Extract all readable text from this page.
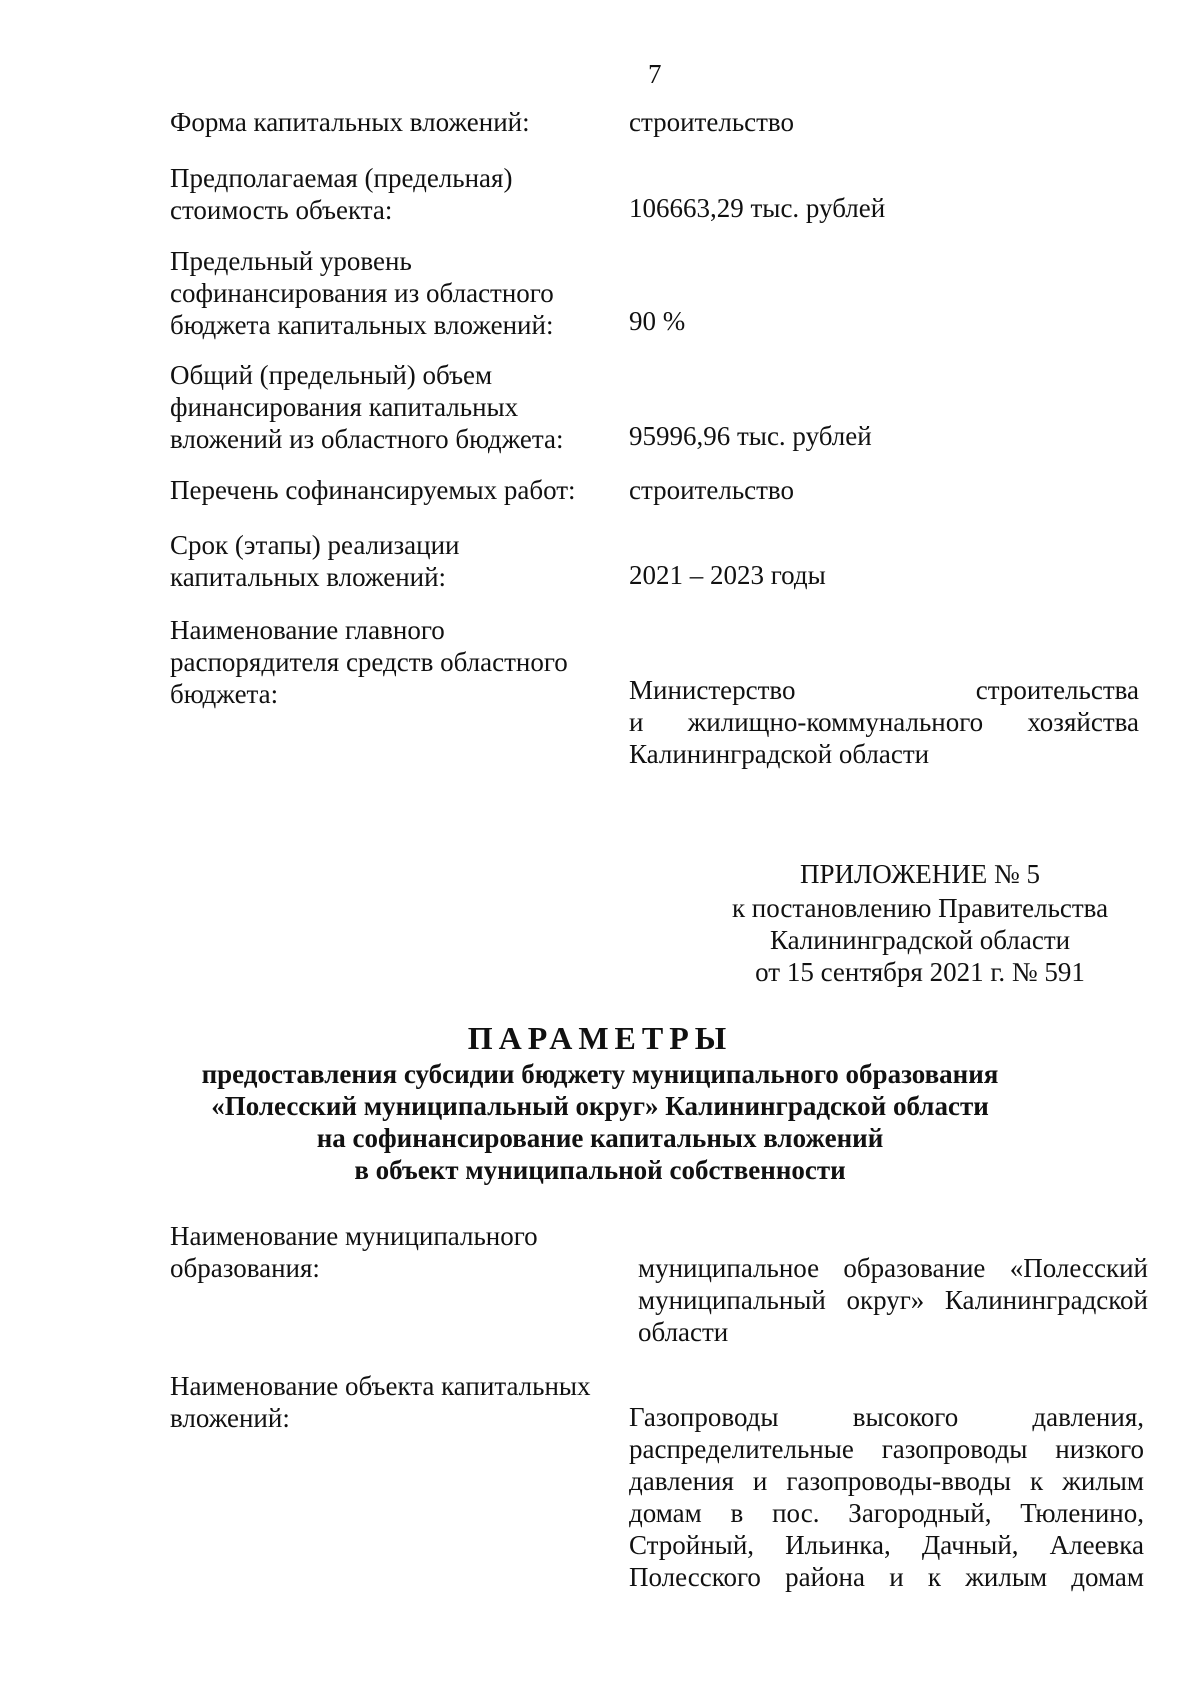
7
Форма капитальных вложений:	строительство
Предполагаемая (предельная)
стоимость объекта:	106663,29 тыс. рублей
Предельный уровень
софинансирования из областного
бюджета капитальных вложений:	90 %
Общий (предельный) объем
финансирования капитальных
вложений из областного бюджета:	95996,96 тыс. рублей
Перечень софинансируемых работ:	строительство
Срок (этапы) реализации
капитальных вложений:	2021 – 2023 годы
Наименование главного
распорядителя средств областного
бюджета:	Министерство строительства
и жилищно-коммунального хозяйства
Калининградской области
ПРИЛОЖЕНИЕ № 5
к постановлению Правительства
Калининградской области
от 15 сентября 2021 г. № 591
ПАРАМЕТРЫ
предоставления субсидии бюджету муниципального образования
«Полесский муниципальный округ» Калининградской области
на софинансирование капитальных вложений
в объект муниципальной собственности
Наименование муниципального
образования:	муниципальное образование «Полесский
муниципальный округ» Калининградской
области
Наименование объекта капитальных
вложений:	Газопроводы высокого давления,
распределительные газопроводы низкого
давления и газопроводы-вводы к жилым
домам в пос. Загородный, Тюленино,
Стройный, Ильинка, Дачный, Алеевка
Полесского района и к жилым домам
